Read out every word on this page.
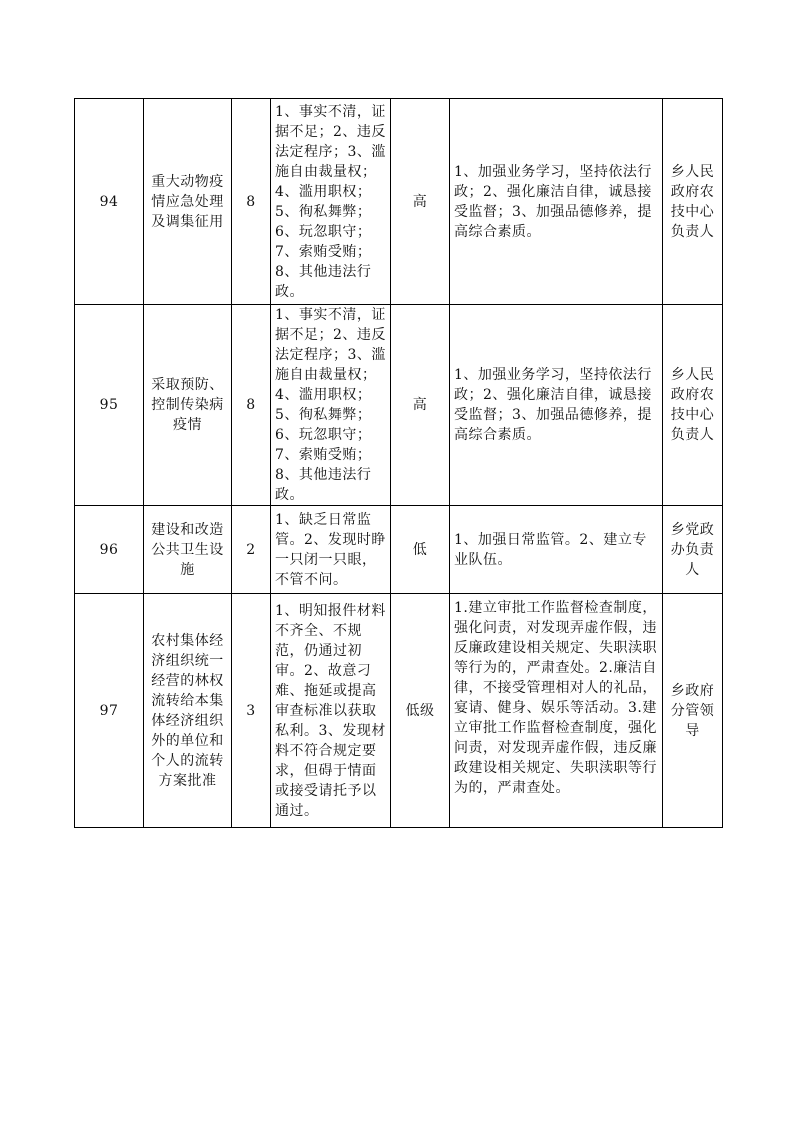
94	重大动物疫情应急处理及调集征用	8	1、事实不清，证据不足；2、违反法定程序；3、滥施自由裁量权；4、滥用职权；5、徇私舞弊；6、玩忽职守；7、索贿受贿；8、其他违法行政。	高	1、加强业务学习，坚持依法行政；2、强化廉洁自律，诚恳接受监督；3、加强品德修养，提高综合素质。	乡人民政府农技中心负责人
95	采取预防、控制传染病疫情	8	1、事实不清，证据不足；2、违反法定程序；3、滥施自由裁量权；4、滥用职权；5、徇私舞弊；6、玩忽职守；7、索贿受贿；8、其他违法行政。	高	1、加强业务学习，坚持依法行政；2、强化廉洁自律，诚恳接受监督；3、加强品德修养，提高综合素质。	乡人民政府农技中心负责人
96	建设和改造公共卫生设施	2	1、缺乏日常监管。2、发现时睁一只闭一只眼，不管不问。	低	1、加强日常监管。2、建立专业队伍。	乡党政办负责人
97	农村集体经济组织统一经营的林权流转给本集体经济组织外的单位和个人的流转方案批准	3	1、明知报件材料不齐全、不规范，仍通过初审。2、故意刁难、拖延或提高审查标准以获取私利。3、发现材料不符合规定要求，但碍于情面或接受请托予以通过。	低级	1.建立审批工作监督检查制度，强化问责，对发现弄虚作假，违反廉政建设相关规定、失职渎职等行为的，严肃查处。2.廉洁自律，不接受管理相对人的礼品，宴请、健身、娱乐等活动。3.建立审批工作监督检查制度，强化问责，对发现弄虚作假，违反廉政建设相关规定、失职渎职等行为的，严肃查处。	乡政府分管领导
